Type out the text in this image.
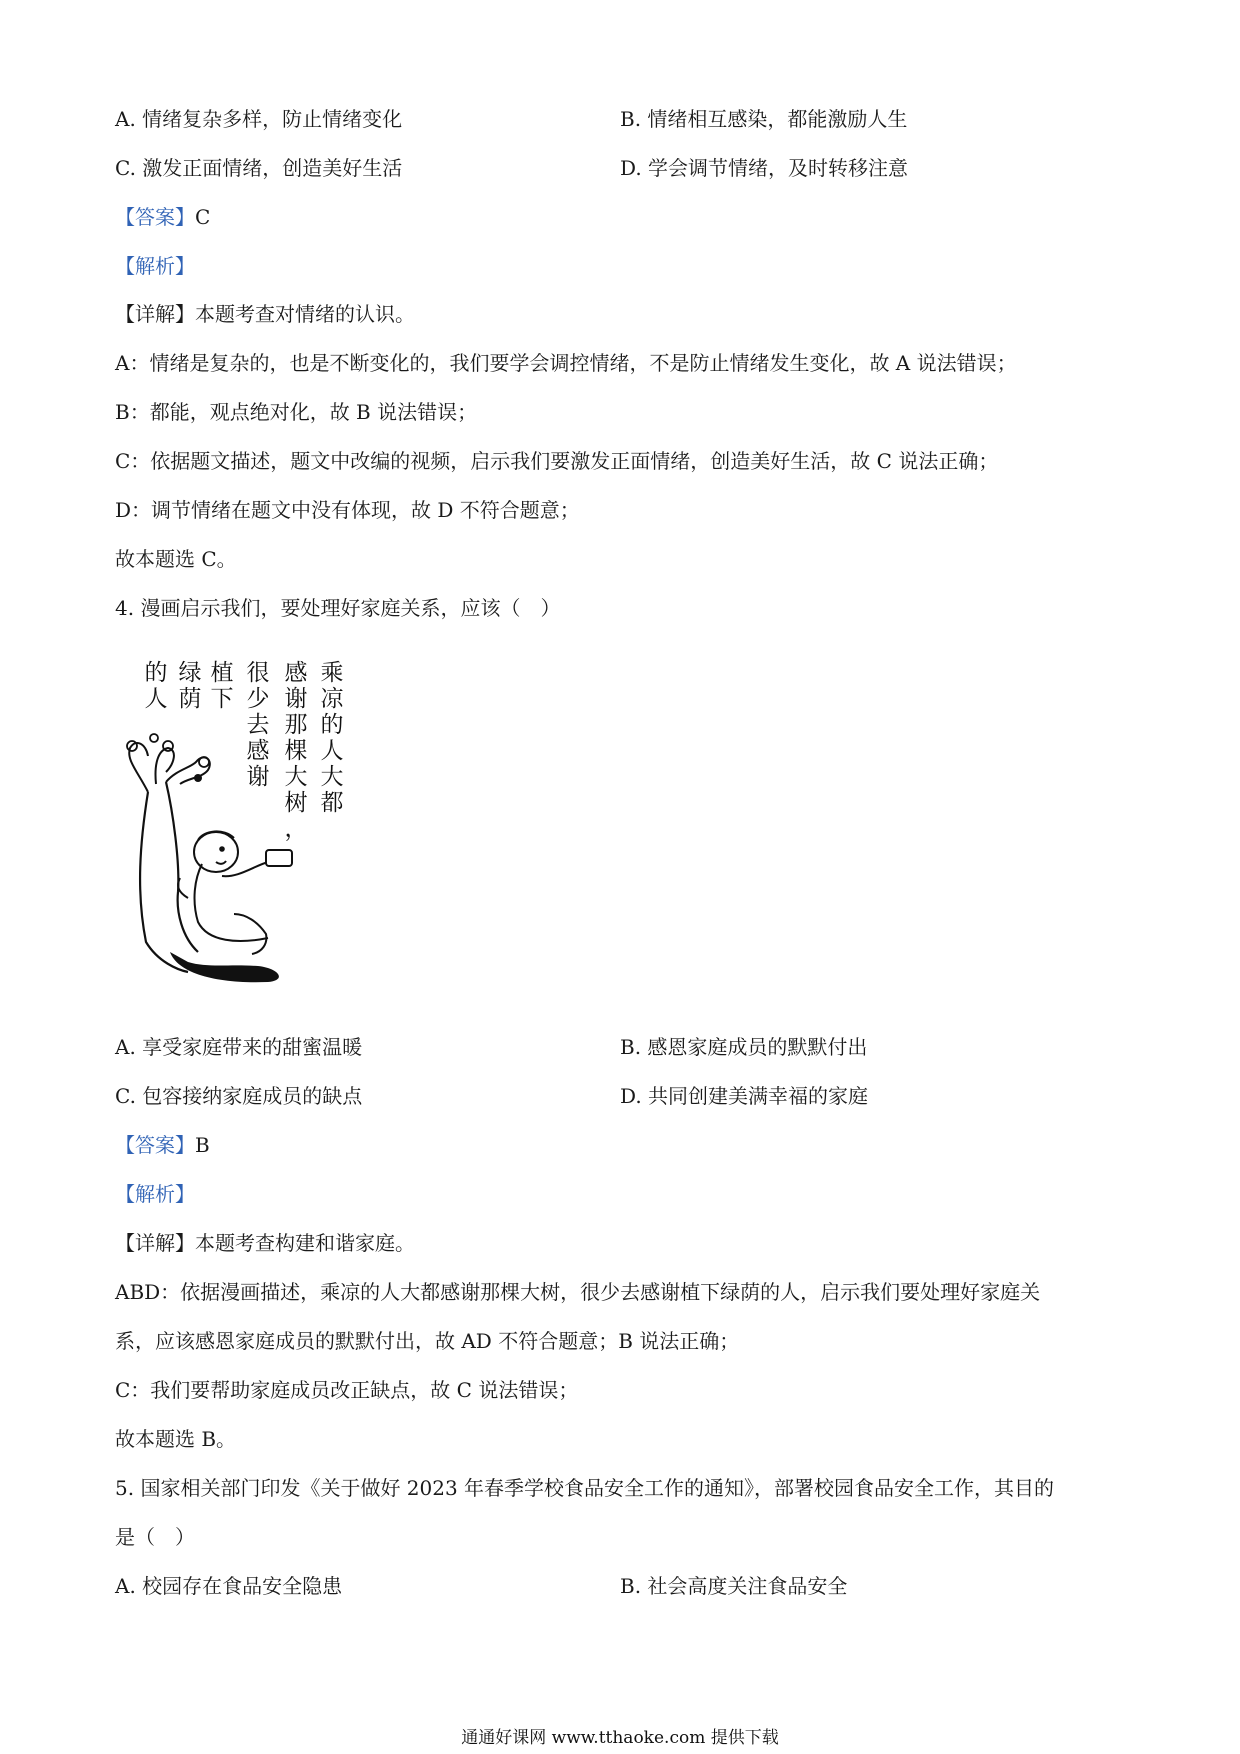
A. 情绪复杂多样，防止情绪变化	B. 情绪相互感染，都能激励人生
C. 激发正面情绪，创造美好生活	D. 学会调节情绪，及时转移注意
【答案】C
【解析】
【详解】本题考查对情绪的认识。
A：情绪是复杂的，也是不断变化的，我们要学会调控情绪，不是防止情绪发生变化，故 A 说法错误；
B：都能，观点绝对化，故 B 说法错误；
C：依据题文描述，题文中改编的视频，启示我们要激发正面情绪，创造美好生活，故 C 说法正确；
D：调节情绪在题文中没有体现，故 D 不符合题意；
故本题选 C。
4. 漫画启示我们，要处理好家庭关系，应该（　）
乘
凉
的
人
大
都
感
谢
那
棵
大
树
，
很
少
去
感
谢
植
下
绿
荫
的
人
A. 享受家庭带来的甜蜜温暖	B. 感恩家庭成员的默默付出
C. 包容接纳家庭成员的缺点	D. 共同创建美满幸福的家庭
【答案】B
【解析】
【详解】本题考查构建和谐家庭。
ABD：依据漫画描述，乘凉的人大都感谢那棵大树，很少去感谢植下绿荫的人，启示我们要处理好家庭关
系，应该感恩家庭成员的默默付出，故 AD 不符合题意；B 说法正确；
C：我们要帮助家庭成员改正缺点，故 C 说法错误；
故本题选 B。
5. 国家相关部门印发《关于做好 2023 年春季学校食品安全工作的通知》，部署校园食品安全工作，其目的
是（　）
A. 校园存在食品安全隐患	B. 社会高度关注食品安全
通通好课网 www.tthaoke.com 提供下载
